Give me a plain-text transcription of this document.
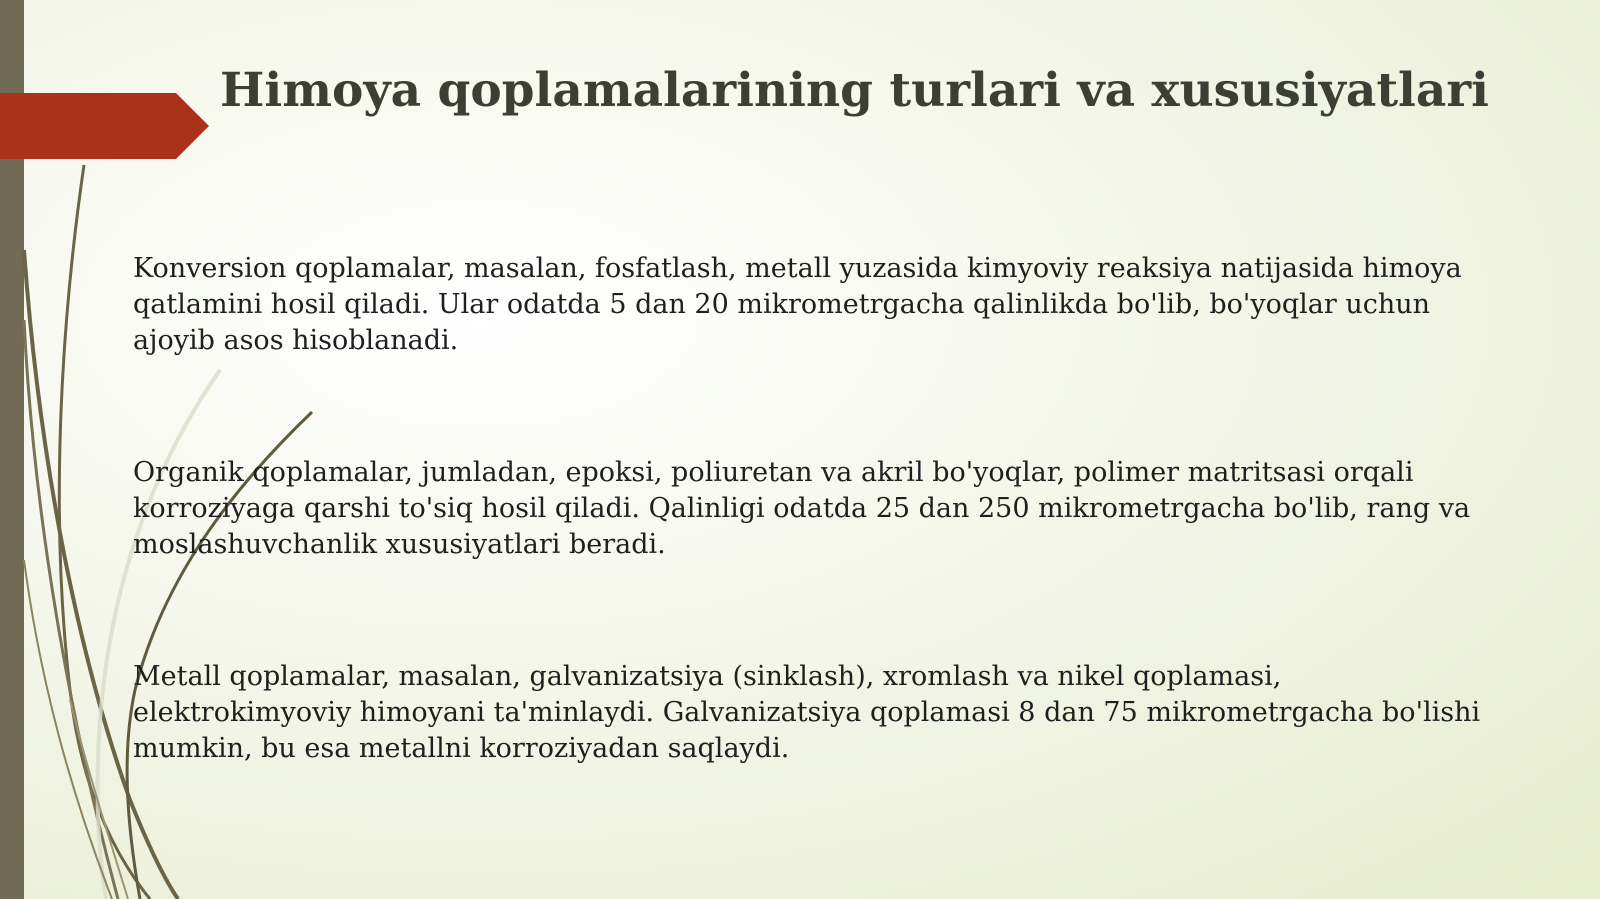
Himoya qoplamalarining turlari va xususiyatlari

Konversion qoplamalar, masalan, fosfatlash, metall yuzasida kimyoviy reaksiya natijasida himoya qatlamini hosil qiladi. Ular odatda 5 dan 20 mikrometrgacha qalinlikda bo'lib, bo'yoqlar uchun ajoyib asos hisoblanadi.

Organik qoplamalar, jumladan, epoksi, poliuretan va akril bo'yoqlar, polimer matritsasi orqali korroziyaga qarshi to'siq hosil qiladi. Qalinligi odatda 25 dan 250 mikrometrgacha bo'lib, rang va moslashuvchanlik xususiyatlari beradi.

Metall qoplamalar, masalan, galvanizatsiya (sinklash), xromlash va nikel qoplamasi, elektrokimyoviy himoyani ta'minlaydi. Galvanizatsiya qoplamasi 8 dan 75 mikrometrgacha bo'lishi mumkin, bu esa metallni korroziyadan saqlaydi.
